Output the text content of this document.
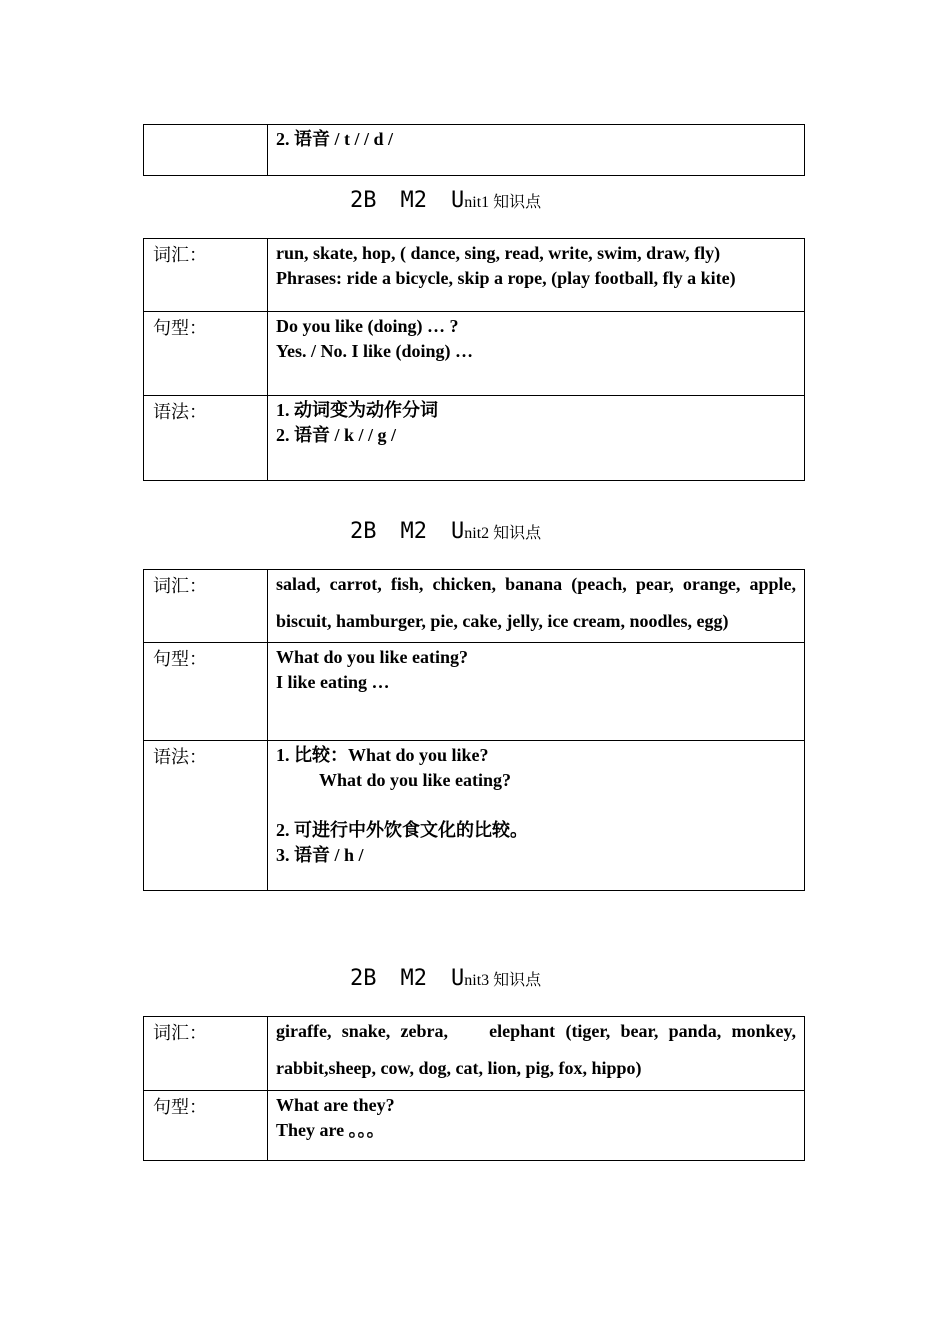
2. 语音 / t / / d /
2B M2 Unit1 知识点
词汇：	run, skate, hop, ( dance, sing, read, write, swim, draw, fly)
Phrases: ride a bicycle, skip a rope, (play football, fly a kite)

句型：	Do you like (doing) … ?
Yes. / No. I like (doing) …

语法：	1. 动词变为动作分词
2. 语音 / k / / g /
2B M2 Unit2 知识点
词汇：	salad, carrot, fish, chicken, banana (peach, pear, orange, apple,
biscuit, hamburger, pie, cake, jelly, ice cream, noodles, egg)

句型：	What do you like eating?
I like eating …

语法：	1. 比较：What do you like?
What do you like eating?
2. 可进行中外饮食文化的比较。
3. 语音 / h /
2B M2 Unit3 知识点
词汇：	giraffe, snake, zebra,    elephant (tiger, bear, panda, monkey,
rabbit,sheep, cow, dog, cat, lion, pig, fox, hippo)

句型：	What are they?
They are 。。。
